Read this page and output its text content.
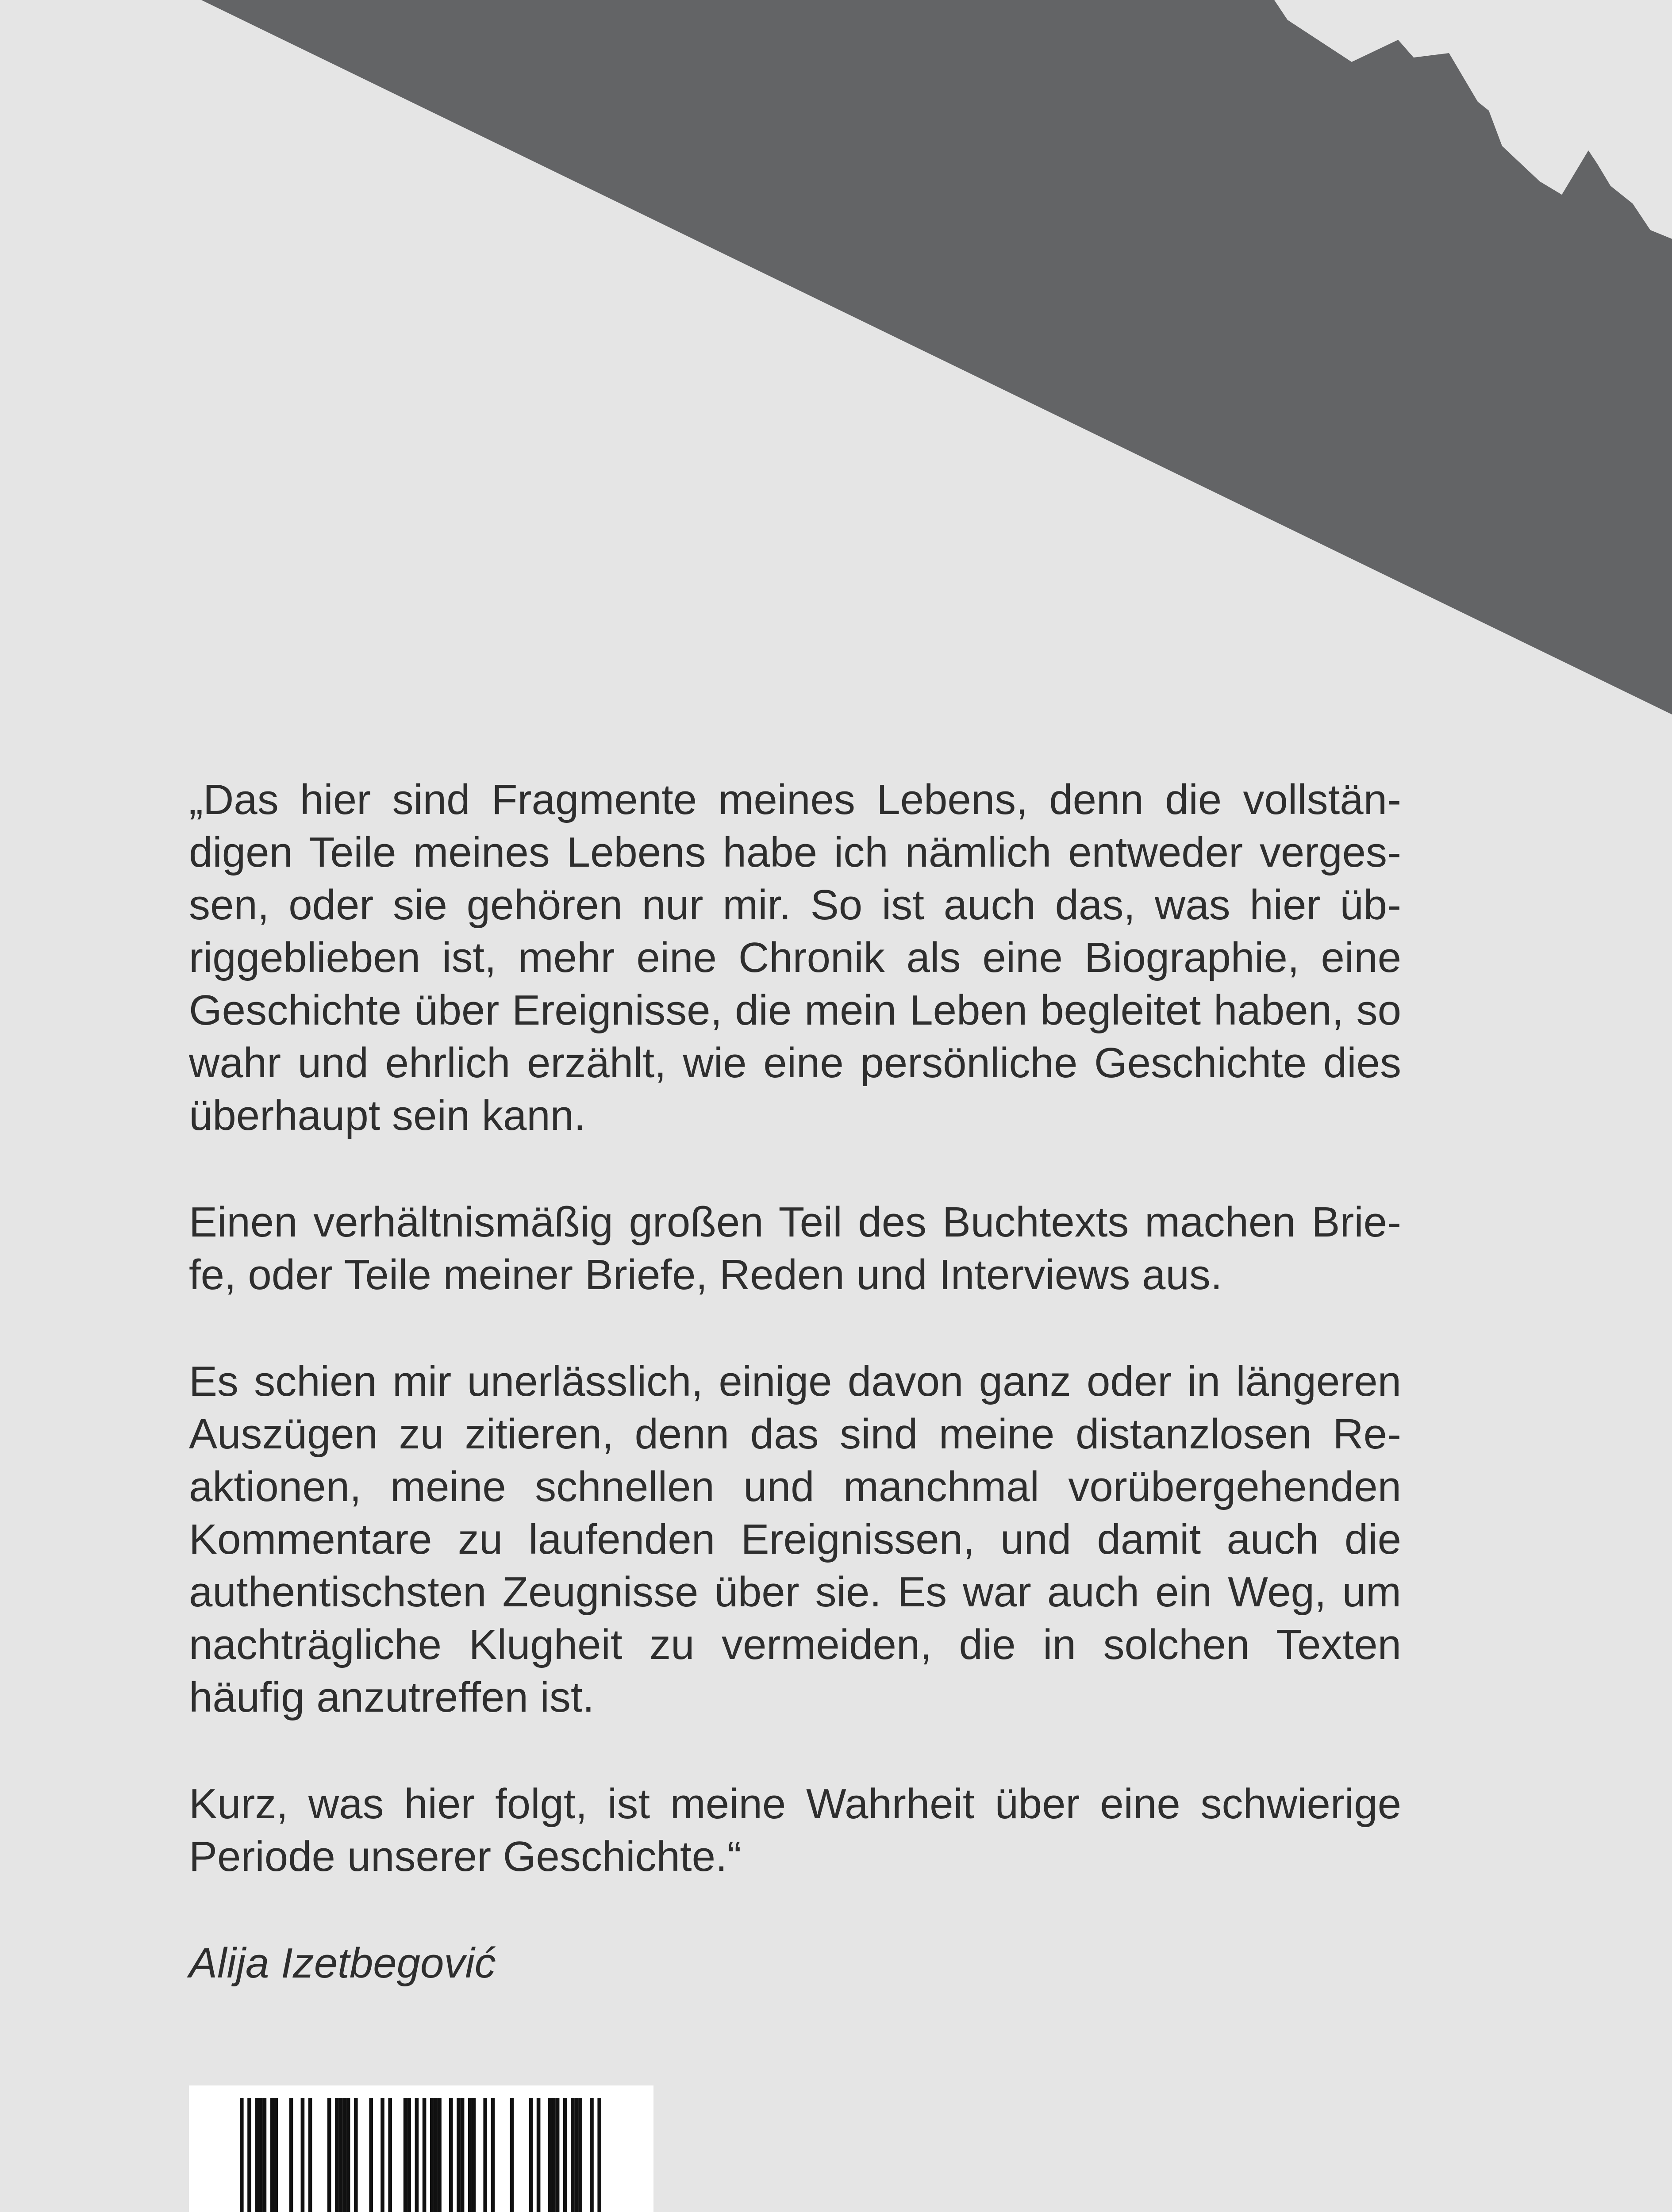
„Das hier sind Fragmente meines Lebens, denn die vollständigen Teile meines Lebens habe ich nämlich entweder vergessen, oder sie gehören nur mir. So ist auch das, was hier übriggeblieben ist, mehr eine Chronik als eine Biographie, eine Geschichte über Ereignisse, die mein Leben begleitet haben, so wahr und ehrlich erzählt, wie eine persönliche Geschichte dies überhaupt sein kann.

Einen verhältnismäßig großen Teil des Buchtexts machen Briefe, oder Teile meiner Briefe, Reden und Interviews aus.

Es schien mir unerlässlich, einige davon ganz oder in längeren Auszügen zu zitieren, denn das sind meine distanzlosen Reaktionen, meine schnellen und manchmal vorübergehenden Kommentare zu laufenden Ereignissen, und damit auch die authentischsten Zeugnisse über sie. Es war auch ein Weg, um nachträgliche Klugheit zu vermeiden, die in solchen Texten häufig anzutreffen ist.

Kurz, was hier folgt, ist meine Wahrheit über eine schwierige Periode unserer Geschichte.“

Alija Izetbegović
